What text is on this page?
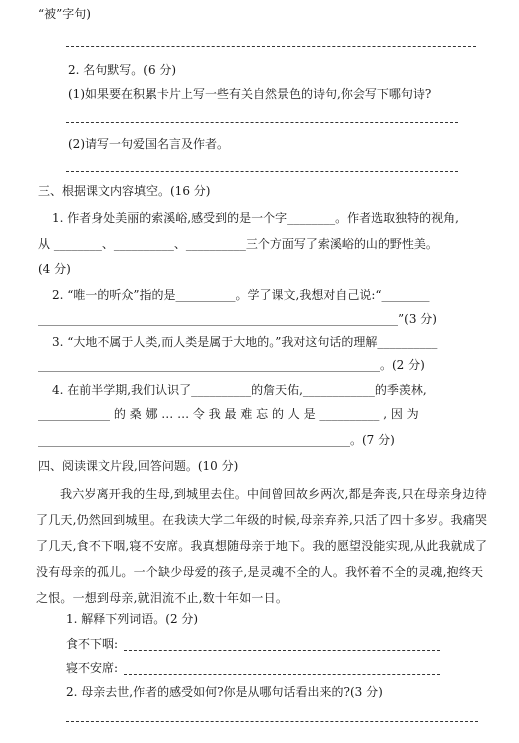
“被”字句)
2. 名句默写。(6 分)
(1)如果要在积累卡片上写一些有关自然景色的诗句,你会写下哪句诗?
(2)请写一句爱国名言及作者。
三、根据课文内容填空。(16 分)
1. 作者身处美丽的索溪峪,感受到的是一个字________。作者选取独特的视角,
从 ________、__________、__________三个方面写了索溪峪的山的野性美。
(4 分)
2. “唯一的听众”指的是__________。学了课文,我想对自己说:“________
____________________________________________________________”(3 分)
3. “大地不属于人类,而人类是属于大地的。”我对这句话的理解__________
_________________________________________________________。(2 分)
4. 在前半学期,我们认识了__________的詹天佑,____________的季羡林,
____________ 的 桑 娜 … … 令 我 最 难 忘 的 人 是 __________ , 因 为
____________________________________________________。(7 分)
四、阅读课文片段,回答问题。(10 分)
我六岁离开我的生母,到城里去住。中间曾回故乡两次,都是奔丧,只在母亲身边待了几天,仍然回到城里。在我读大学二年级的时候,母亲弃养,只活了四十多岁。我痛哭了几天,食不下咽,寝不安席。我真想随母亲于地下。我的愿望没能实现,从此我就成了没有母亲的孤儿。一个缺少母爱的孩子,是灵魂不全的人。我怀着不全的灵魂,抱终天之恨。一想到母亲,就泪流不止,数十年如一日。
1. 解释下列词语。(2 分)
食不下咽:
寝不安席:
2. 母亲去世,作者的感受如何?你是从哪句话看出来的?(3 分)
